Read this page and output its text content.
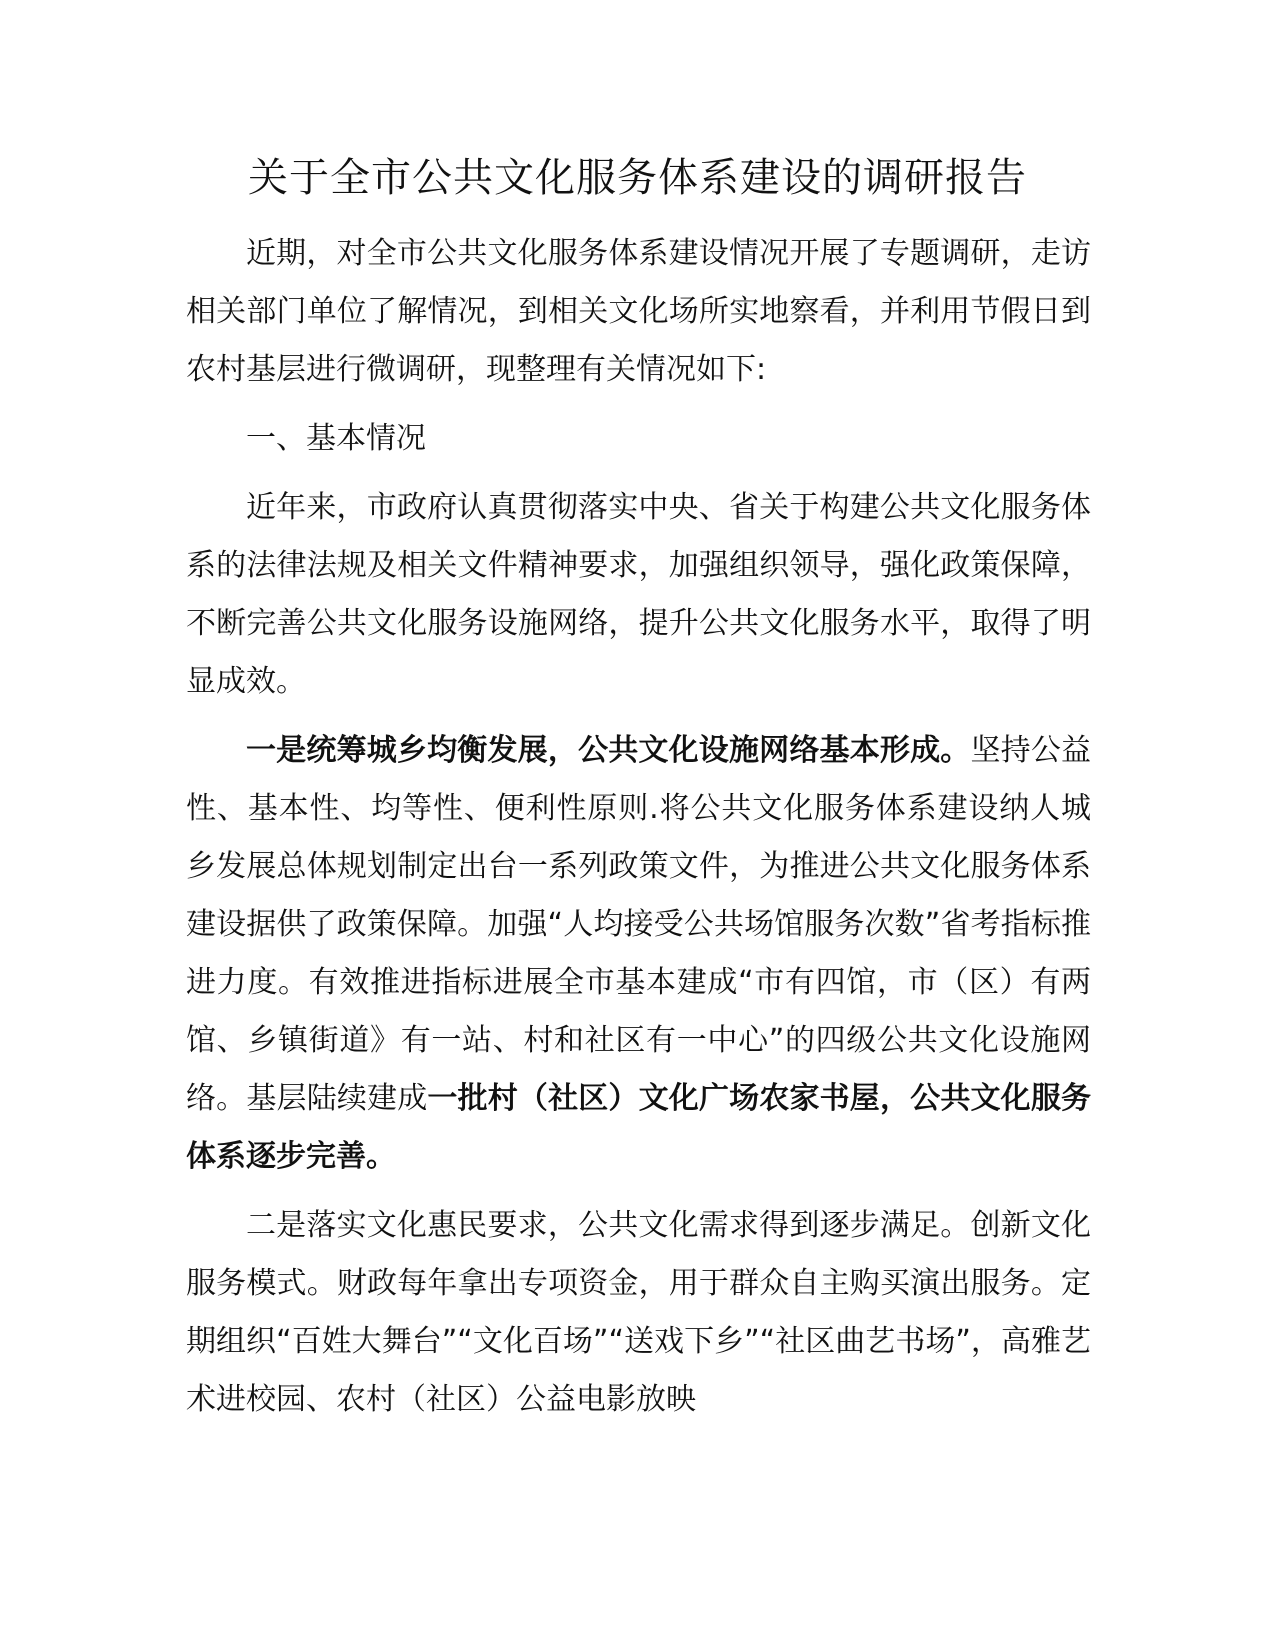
关于全市公共文化服务体系建设的调研报告

近期，对全市公共文化服务体系建设情况开展了专题调研，走访相关部门单位了解情况，到相关文化场所实地察看，并利用节假日到农村基层进行微调研，现整理有关情况如下:

一、基本情况

近年来，市政府认真贯彻落实中央、省关于构建公共文化服务体系的法律法规及相关文件精神要求，加强组织领导，强化政策保障，不断完善公共文化服务设施网络，提升公共文化服务水平，取得了明显成效。

一是统筹城乡均衡发展，公共文化设施网络基本形成。坚持公益性、基本性、均等性、便利性原则.将公共文化服务体系建设纳人城乡发展总体规划制定出台一系列政策文件，为推进公共文化服务体系建设据供了政策保障。加强“人均接受公共场馆服务次数”省考指标推进力度。有效推进指标进展全市基本建成“市有四馆，市（区）有两馆、乡镇街道》有一站、村和社区有一中心”的四级公共文化设施网络。基层陆续建成一批村（社区）文化广场农家书屋，公共文化服务体系逐步完善。

二是落实文化惠民要求，公共文化需求得到逐步满足。创新文化服务模式。财政每年拿出专项资金，用于群众自主购买演出服务。定期组织“百姓大舞台”“文化百场”“送戏下乡”“社区曲艺书场”，高雅艺术进校园、农村（社区）公益电影放映
